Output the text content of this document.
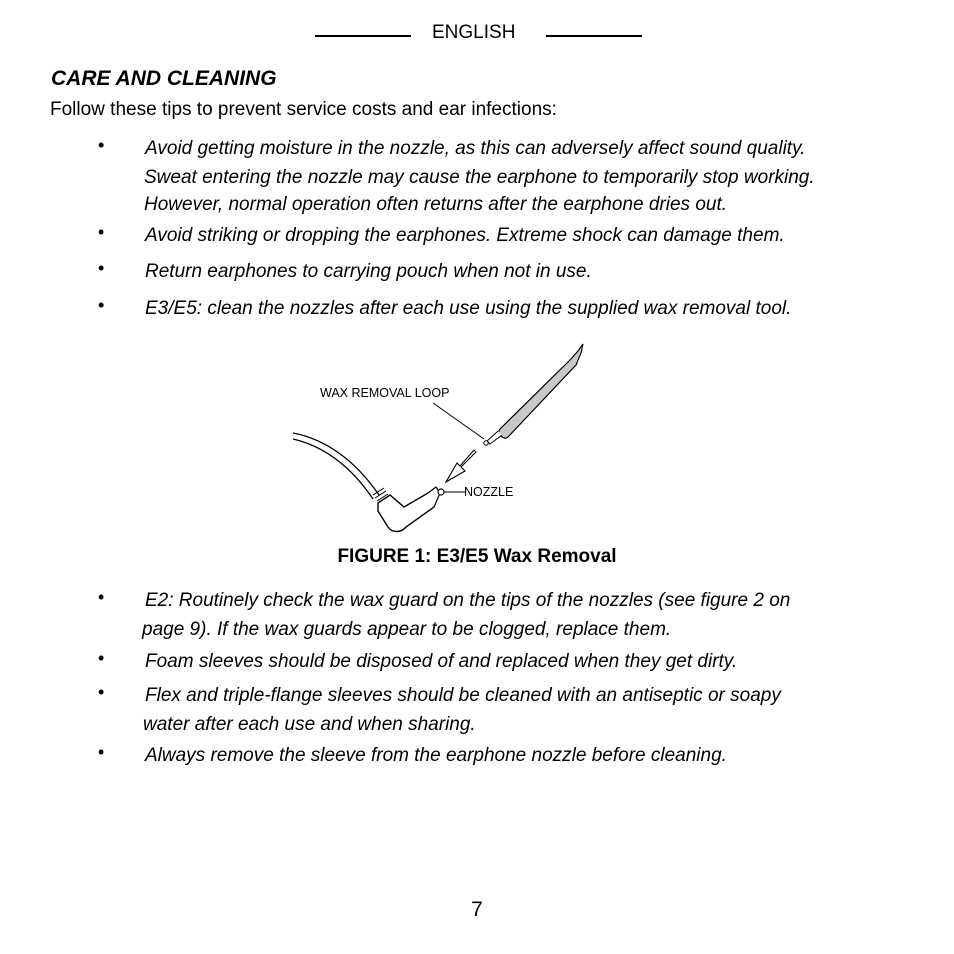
ENGLISH
CARE AND CLEANING
Follow these tips to prevent service costs and ear infections:
• Avoid getting moisture in the nozzle, as this can adversely affect sound quality.
Sweat entering the nozzle may cause the earphone to temporarily stop working.
However, normal operation often returns after the earphone dries out.
• Avoid striking or dropping the earphones. Extreme shock can damage them.
• Return earphones to carrying pouch when not in use.
• E3/E5: clean the nozzles after each use using the supplied wax removal tool.
WAX REMOVAL LOOP
NOZZLE
FIGURE 1: E3/E5 Wax Removal
• E2: Routinely check the wax guard on the tips of the nozzles (see figure 2 on
page 9). If the wax guards appear to be clogged, replace them.
• Foam sleeves should be disposed of and replaced when they get dirty.
• Flex and triple-flange sleeves should be cleaned with an antiseptic or soapy
water after each use and when sharing.
• Always remove the sleeve from the earphone nozzle before cleaning.
7
